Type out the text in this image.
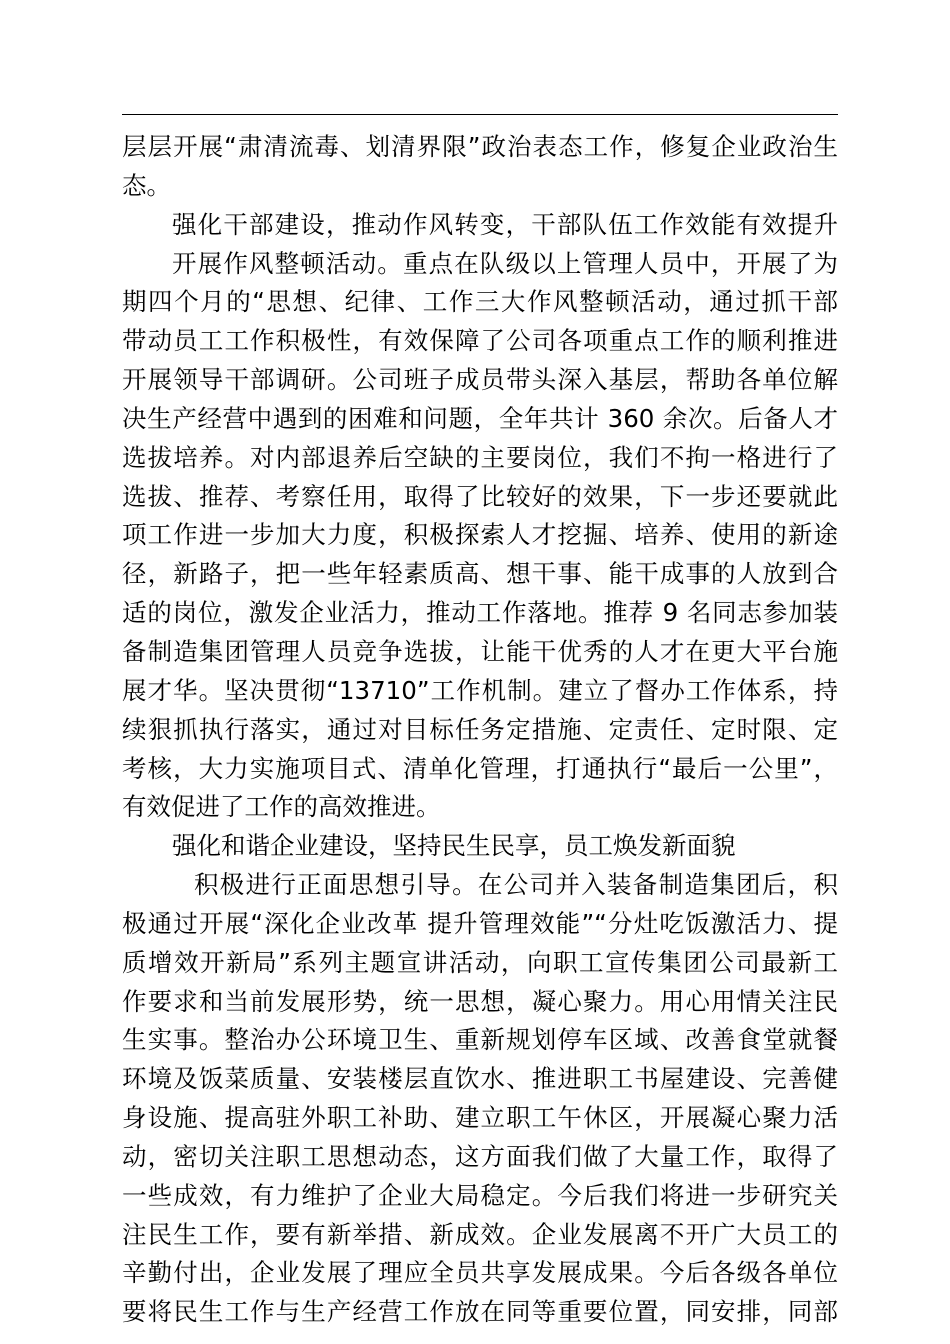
层层开展“肃清流毒、划清界限”政治表态工作，修复企业政治生
态。
强化干部建设，推动作风转变，干部队伍工作效能有效提升
开展作风整顿活动。重点在队级以上管理人员中，开展了为
期四个月的“思想、纪律、工作三大作风整顿活动，通过抓干部
带动员工工作积极性，有效保障了公司各项重点工作的顺利推进
开展领导干部调研。公司班子成员带头深入基层，帮助各单位解
决生产经营中遇到的困难和问题，全年共计 360 余次。后备人才
选拔培养。对内部退养后空缺的主要岗位，我们不拘一格进行了
选拔、推荐、考察任用，取得了比较好的效果，下一步还要就此
项工作进一步加大力度，积极探索人才挖掘、培养、使用的新途
径，新路子，把一些年轻素质高、想干事、能干成事的人放到合
适的岗位，激发企业活力，推动工作落地。推荐 9 名同志参加装
备制造集团管理人员竞争选拔，让能干优秀的人才在更大平台施
展才华。坚决贯彻“13710”工作机制。建立了督办工作体系，持
续狠抓执行落实，通过对目标任务定措施、定责任、定时限、定
考核，大力实施项目式、清单化管理，打通执行“最后一公里”，
有效促进了工作的高效推进。
强化和谐企业建设，坚持民生民享，员工焕发新面貌
积极进行正面思想引导。在公司并入装备制造集团后，积
极通过开展“深化企业改革 提升管理效能”“分灶吃饭激活力、提
质增效开新局”系列主题宣讲活动，向职工宣传集团公司最新工
作要求和当前发展形势，统一思想，凝心聚力。用心用情关注民
生实事。整治办公环境卫生、重新规划停车区域、改善食堂就餐
环境及饭菜质量、安装楼层直饮水、推进职工书屋建设、完善健
身设施、提高驻外职工补助、建立职工午休区，开展凝心聚力活
动，密切关注职工思想动态，这方面我们做了大量工作，取得了
一些成效，有力维护了企业大局稳定。今后我们将进一步研究关
注民生工作，要有新举措、新成效。企业发展离不开广大员工的
辛勤付出，企业发展了理应全员共享发展成果。今后各级各单位
要将民生工作与生产经营工作放在同等重要位置，同安排，同部
